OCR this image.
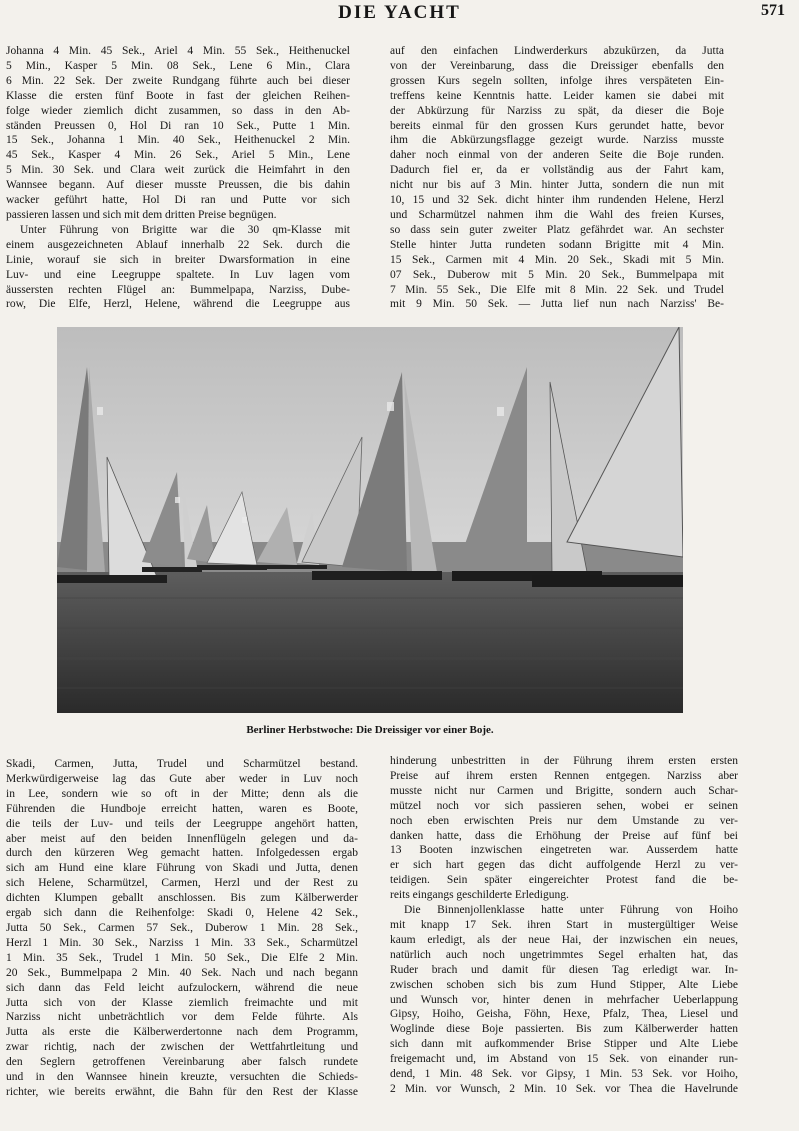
DIE YACHT	571
Johanna 4 Min. 45 Sek., Ariel 4 Min. 55 Sek., Heithenuckel
5 Min., Kasper 5 Min. 08 Sek., Lene 6 Min., Clara
6 Min. 22 Sek. Der zweite Rundgang führte auch bei dieser
Klasse die ersten fünf Boote in fast der gleichen Reihen-
folge wieder ziemlich dicht zusammen, so dass in den Ab-
ständen Preussen 0, Hol Di ran 10 Sek., Putte 1 Min.
15 Sek., Johanna 1 Min. 40 Sek., Heithenuckel 2 Min.
45 Sek., Kasper 4 Min. 26 Sek., Ariel 5 Min., Lene
5 Min. 30 Sek. und Clara weit zurück die Heimfahrt in den
Wannsee begann. Auf dieser musste Preussen, die bis dahin
wacker geführt hatte, Hol Di ran und Putte vor sich
passieren lassen und sich mit dem dritten Preise begnügen.
Unter Führung von Brigitte war die 30 qm-Klasse mit
einem ausgezeichneten Ablauf innerhalb 22 Sek. durch die
Linie, worauf sie sich in breiter Dwarsformation in eine
Luv- und eine Leegruppe spaltete. In Luv lagen vom
äussersten rechten Flügel an: Bummelpapa, Narziss, Dube-
row, Die Elfe, Herzl, Helene, während die Leegruppe aus
auf den einfachen Lindwerderkurs abzukürzen, da Jutta
von der Vereinbarung, dass die Dreissiger ebenfalls den
grossen Kurs segeln sollten, infolge ihres verspäteten Ein-
treffens keine Kenntnis hatte. Leider kamen sie dabei mit
der Abkürzung für Narziss zu spät, da dieser die Boje
bereits einmal für den grossen Kurs gerundet hatte, bevor
ihm die Abkürzungsflagge gezeigt wurde. Narziss musste
daher noch einmal von der anderen Seite die Boje runden.
Dadurch fiel er, da er vollständig aus der Fahrt kam,
nicht nur bis auf 3 Min. hinter Jutta, sondern die nun mit
10, 15 und 32 Sek. dicht hinter ihm rundenden Helene, Herzl
und Scharmützel nahmen ihm die Wahl des freien Kurses,
so dass sein guter zweiter Platz gefährdet war. An sechster
Stelle hinter Jutta rundeten sodann Brigitte mit 4 Min.
15 Sek., Carmen mit 4 Min. 20 Sek., Skadi mit 5 Min.
07 Sek., Duberow mit 5 Min. 20 Sek., Bummelpapa mit
7 Min. 55 Sek., Die Elfe mit 8 Min. 22 Sek. und Trudel
mit 9 Min. 50 Sek. — Jutta lief nun nach Narziss' Be-
Berliner Herbstwoche: Die Dreissiger vor einer Boje.
Skadi, Carmen, Jutta, Trudel und Scharmützel bestand.
Merkwürdigerweise lag das Gute aber weder in Luv noch
in Lee, sondern wie so oft in der Mitte; denn als die
Führenden die Hundboje erreicht hatten, waren es Boote,
die teils der Luv- und teils der Leegruppe angehört hatten,
aber meist auf den beiden Innenflügeln gelegen und da-
durch den kürzeren Weg gemacht hatten. Infolgedessen ergab
sich am Hund eine klare Führung von Skadi und Jutta, denen
sich Helene, Scharmützel, Carmen, Herzl und der Rest zu
dichten Klumpen geballt anschlossen. Bis zum Kälberwerder
ergab sich dann die Reihenfolge: Skadi 0, Helene 42 Sek.,
Jutta 50 Sek., Carmen 57 Sek., Duberow 1 Min. 28 Sek.,
Herzl 1 Min. 30 Sek., Narziss 1 Min. 33 Sek., Scharmützel
1 Min. 35 Sek., Trudel 1 Min. 50 Sek., Die Elfe 2 Min.
20 Sek., Bummelpapa 2 Min. 40 Sek. Nach und nach begann
sich dann das Feld leicht aufzulockern, während die neue
Jutta sich von der Klasse ziemlich freimachte und mit
Narziss nicht unbeträchtlich vor dem Felde führte. Als
Jutta als erste die Kälberwerdertonne nach dem Programm,
zwar richtig, nach der zwischen der Wettfahrtleitung und
den Seglern getroffenen Vereinbarung aber falsch rundete
und in den Wannsee hinein kreuzte, versuchten die Schieds-
richter, wie bereits erwähnt, die Bahn für den Rest der Klasse
hinderung unbestritten in der Führung ihrem ersten ersten
Preise auf ihrem ersten Rennen entgegen. Narziss aber
musste nicht nur Carmen und Brigitte, sondern auch Schar-
mützel noch vor sich passieren sehen, wobei er seinen
noch eben erwischten Preis nur dem Umstande zu ver-
danken hatte, dass die Erhöhung der Preise auf fünf bei
13 Booten inzwischen eingetreten war. Ausserdem hatte
er sich hart gegen das dicht auffolgende Herzl zu ver-
teidigen. Sein später eingereichter Protest fand die be-
reits eingangs geschilderte Erledigung.
Die Binnenjollenklasse hatte unter Führung von Hoiho
mit knapp 17 Sek. ihren Start in mustergültiger Weise
kaum erledigt, als der neue Hai, der inzwischen ein neues,
natürlich auch noch ungetrimmtes Segel erhalten hat, das
Ruder brach und damit für diesen Tag erledigt war. In-
zwischen schoben sich bis zum Hund Stipper, Alte Liebe
und Wunsch vor, hinter denen in mehrfacher Ueberlappung
Gipsy, Hoiho, Geisha, Föhn, Hexe, Pfalz, Thea, Liesel und
Woglinde diese Boje passierten. Bis zum Kälberwerder hatten
sich dann mit aufkommender Brise Stipper und Alte Liebe
freigemacht und, im Abstand von 15 Sek. von einander run-
dend, 1 Min. 48 Sek. vor Gipsy, 1 Min. 53 Sek. vor Hoiho,
2 Min. vor Wunsch, 2 Min. 10 Sek. vor Thea die Havelrunde
